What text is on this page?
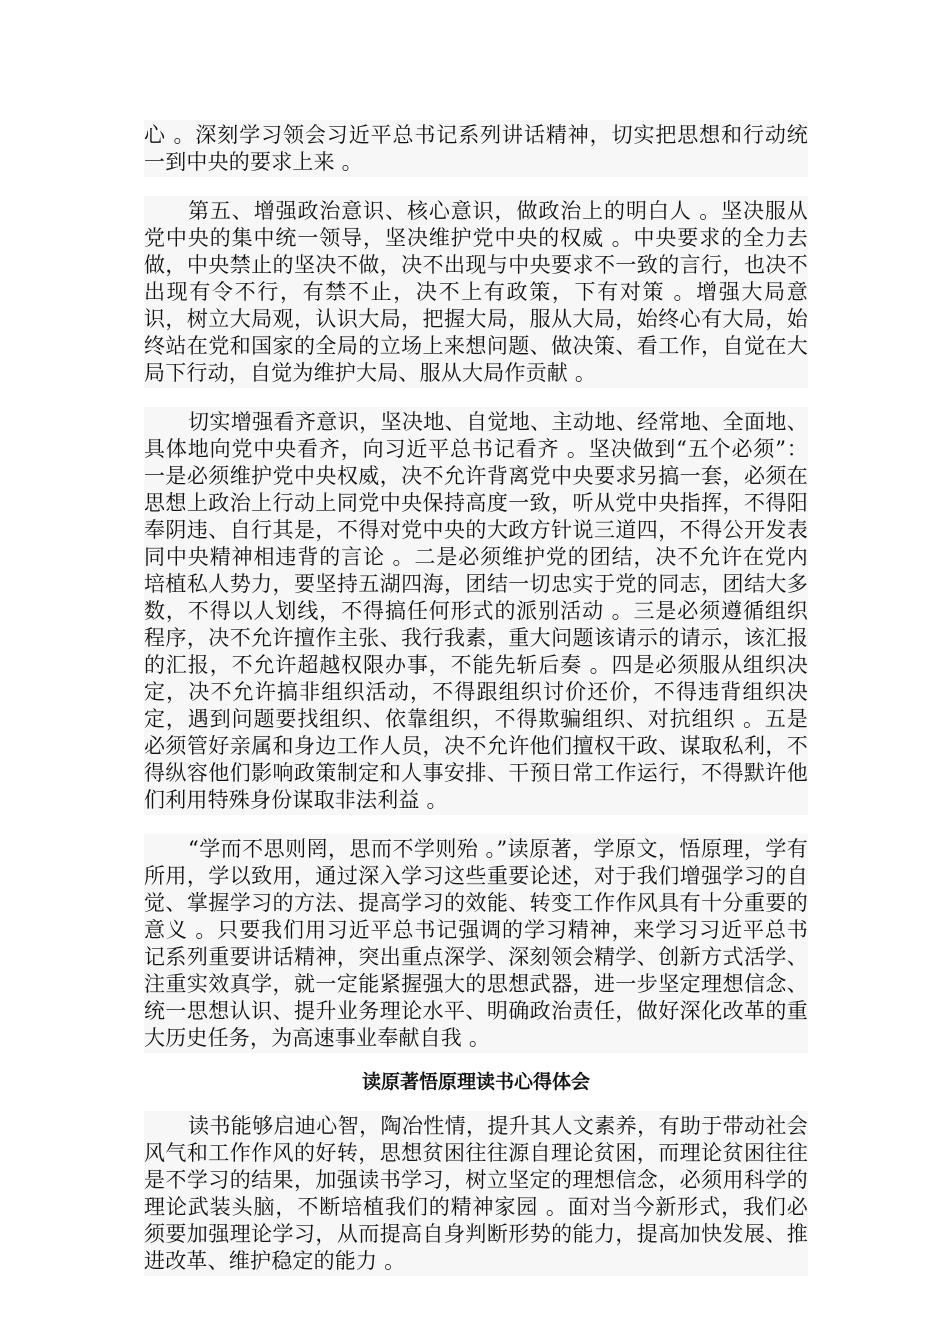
心 。深刻学习领会习近平总书记系列讲话精神，切实把思想和行动统一到中央的要求上来 。

第五、增强政治意识、核心意识，做政治上的明白人 。坚决服从党中央的集中统一领导，坚决维护党中央的权威 。中央要求的全力去做，中央禁止的坚决不做，决不出现与中央要求不一致的言行，也决不出现有令不行，有禁不止，决不上有政策，下有对策 。增强大局意识，树立大局观，认识大局，把握大局，服从大局，始终心有大局，始终站在党和国家的全局的立场上来想问题、做决策、看工作，自觉在大局下行动，自觉为维护大局、服从大局作贡献 。

切实增强看齐意识，坚决地、自觉地、主动地、经常地、全面地、具体地向党中央看齐，向习近平总书记看齐 。坚决做到“五个必须”：一是必须维护党中央权威，决不允许背离党中央要求另搞一套，必须在思想上政治上行动上同党中央保持高度一致，听从党中央指挥，不得阳奉阴违、自行其是，不得对党中央的大政方针说三道四，不得公开发表同中央精神相违背的言论 。二是必须维护党的团结，决不允许在党内培植私人势力，要坚持五湖四海，团结一切忠实于党的同志，团结大多数，不得以人划线，不得搞任何形式的派别活动 。三是必须遵循组织程序，决不允许擅作主张、我行我素，重大问题该请示的请示，该汇报的汇报，不允许超越权限办事，不能先斩后奏 。四是必须服从组织决定，决不允许搞非组织活动，不得跟组织讨价还价，不得违背组织决定，遇到问题要找组织、依靠组织，不得欺骗组织、对抗组织 。五是必须管好亲属和身边工作人员，决不允许他们擅权干政、谋取私利，不得纵容他们影响政策制定和人事安排、干预日常工作运行，不得默许他们利用特殊身份谋取非法利益 。

“学而不思则罔，思而不学则殆 。”读原著，学原文，悟原理，学有所用，学以致用，通过深入学习这些重要论述，对于我们增强学习的自觉、掌握学习的方法、提高学习的效能、转变工作作风具有十分重要的意义 。只要我们用习近平总书记强调的学习精神，来学习习近平总书记系列重要讲话精神，突出重点深学、深刻领会精学、创新方式活学、注重实效真学，就一定能紧握强大的思想武器，进一步坚定理想信念、统一思想认识、提升业务理论水平、明确政治责任，做好深化改革的重大历史任务，为高速事业奉献自我 。

读原著悟原理读书心得体会

读书能够启迪心智，陶冶性情，提升其人文素养，有助于带动社会风气和工作作风的好转，思想贫困往往源自理论贫困，而理论贫困往往是不学习的结果，加强读书学习，树立坚定的理想信念，必须用科学的理论武装头脑，不断培植我们的精神家园 。面对当今新形式，我们必须要加强理论学习，从而提高自身判断形势的能力，提高加快发展、推进改革、维护稳定的能力 。
